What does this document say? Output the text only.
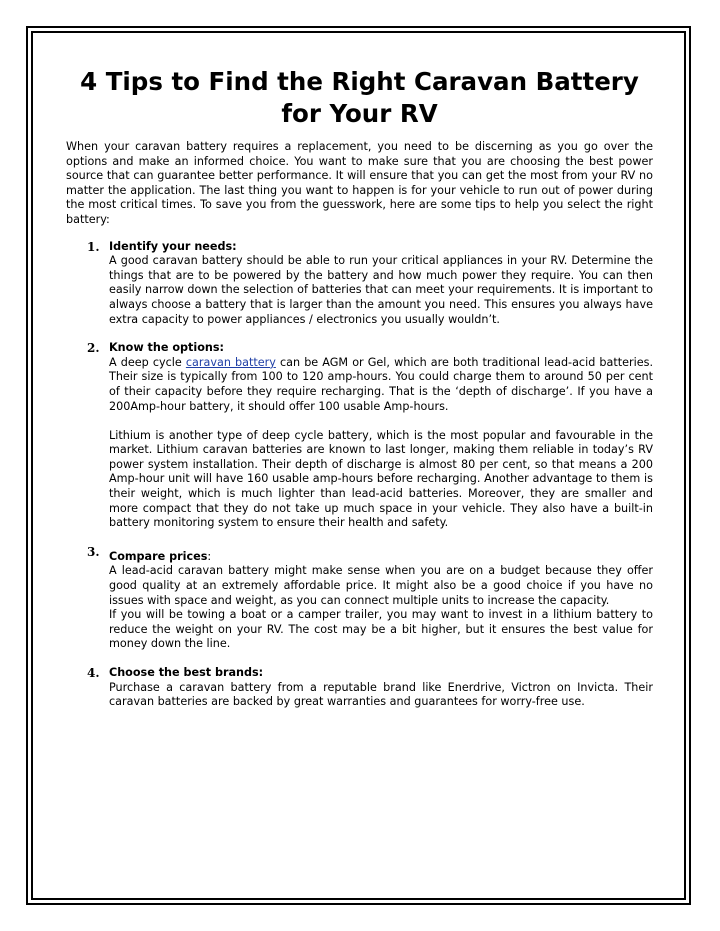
4 Tips to Find the Right Caravan Battery for Your RV

When your caravan battery requires a replacement, you need to be discerning as you go over the options and make an informed choice. You want to make sure that you are choosing the best power source that can guarantee better performance. It will ensure that you can get the most from your RV no matter the application. The last thing you want to happen is for your vehicle to run out of power during the most critical times. To save you from the guesswork, here are some tips to help you select the right battery:

1. Identify your needs:

A good caravan battery should be able to run your critical appliances in your RV. Determine the things that are to be powered by the battery and how much power they require. You can then easily narrow down the selection of batteries that can meet your requirements. It is important to always choose a battery that is larger than the amount you need. This ensures you always have extra capacity to power appliances / electronics you usually wouldn’t.

2. Know the options:

A deep cycle caravan battery can be AGM or Gel, which are both traditional lead-acid batteries. Their size is typically from 100 to 120 amp-hours. You could charge them to around 50 per cent of their capacity before they require recharging. That is the ‘depth of discharge’. If you have a 200Amp-hour battery, it should offer 100 usable Amp-hours.

Lithium is another type of deep cycle battery, which is the most popular and favourable in the market. Lithium caravan batteries are known to last longer, making them reliable in today’s RV power system installation. Their depth of discharge is almost 80 per cent, so that means a 200 Amp-hour unit will have 160 usable amp-hours before recharging. Another advantage to them is their weight, which is much lighter than lead-acid batteries. Moreover, they are smaller and more compact that they do not take up much space in your vehicle. They also have a built-in battery monitoring system to ensure their health and safety.

3. Compare prices:

A lead-acid caravan battery might make sense when you are on a budget because they offer good quality at an extremely affordable price. It might also be a good choice if you have no issues with space and weight, as you can connect multiple units to increase the capacity.

If you will be towing a boat or a camper trailer, you may want to invest in a lithium battery to reduce the weight on your RV. The cost may be a bit higher, but it ensures the best value for money down the line.

4. Choose the best brands:

Purchase a caravan battery from a reputable brand like Enerdrive, Victron on Invicta. Their caravan batteries are backed by great warranties and guarantees for worry-free use.
